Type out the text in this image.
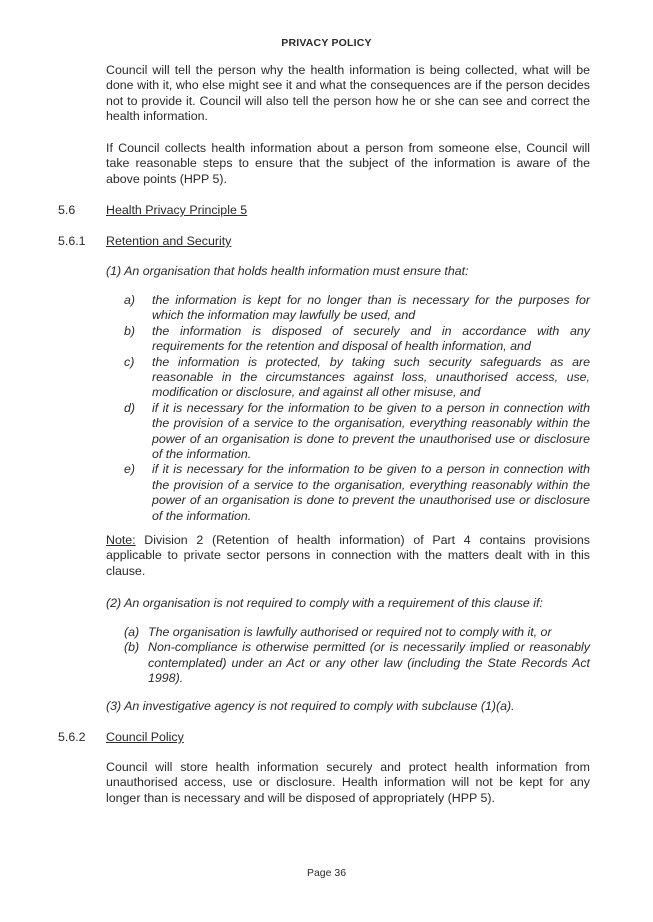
PRIVACY POLICY
Council will tell the person why the health information is being collected, what will be done with it, who else might see it and what the consequences are if the person decides not to provide it. Council will also tell the person how he or she can see and correct the health information.
If Council collects health information about a person from someone else, Council will take reasonable steps to ensure that the subject of the information is aware of the above points (HPP 5).
5.6 Health Privacy Principle 5
5.6.1 Retention and Security
(1) An organisation that holds health information must ensure that:
a) the information is kept for no longer than is necessary for the purposes for which the information may lawfully be used, and
b) the information is disposed of securely and in accordance with any requirements for the retention and disposal of health information, and
c) the information is protected, by taking such security safeguards as are reasonable in the circumstances against loss, unauthorised access, use, modification or disclosure, and against all other misuse, and
d) if it is necessary for the information to be given to a person in connection with the provision of a service to the organisation, everything reasonably within the power of an organisation is done to prevent the unauthorised use or disclosure of the information.
e) if it is necessary for the information to be given to a person in connection with the provision of a service to the organisation, everything reasonably within the power of an organisation is done to prevent the unauthorised use or disclosure of the information.
Note: Division 2 (Retention of health information) of Part 4 contains provisions applicable to private sector persons in connection with the matters dealt with in this clause.
(2) An organisation is not required to comply with a requirement of this clause if:
(a) The organisation is lawfully authorised or required not to comply with it, or
(b) Non-compliance is otherwise permitted (or is necessarily implied or reasonably contemplated) under an Act or any other law (including the State Records Act 1998).
(3) An investigative agency is not required to comply with subclause (1)(a).
5.6.2 Council Policy
Council will store health information securely and protect health information from unauthorised access, use or disclosure. Health information will not be kept for any longer than is necessary and will be disposed of appropriately (HPP 5).
Page 36
